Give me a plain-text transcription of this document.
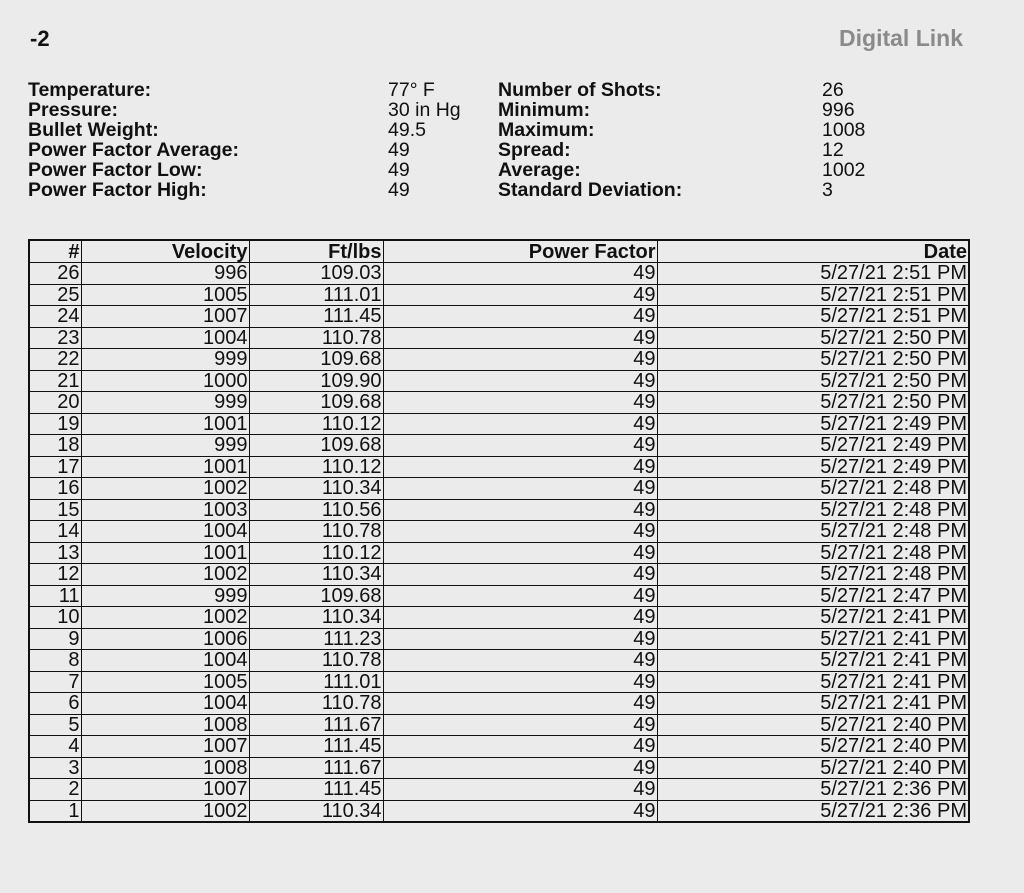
-2	Digital Link
Temperature:	77° F
Pressure:	30 in Hg
Bullet Weight:	49.5
Power Factor Average:	49
Power Factor Low:	49
Power Factor High:	49
Number of Shots:	26
Minimum:	996
Maximum:	1008
Spread:	12
Average:	1002
Standard Deviation:	3
#	Velocity	Ft/lbs	Power Factor	Date
26	996	109.03	49	5/27/21 2:51 PM
25	1005	111.01	49	5/27/21 2:51 PM
24	1007	111.45	49	5/27/21 2:51 PM
23	1004	110.78	49	5/27/21 2:50 PM
22	999	109.68	49	5/27/21 2:50 PM
21	1000	109.90	49	5/27/21 2:50 PM
20	999	109.68	49	5/27/21 2:50 PM
19	1001	110.12	49	5/27/21 2:49 PM
18	999	109.68	49	5/27/21 2:49 PM
17	1001	110.12	49	5/27/21 2:49 PM
16	1002	110.34	49	5/27/21 2:48 PM
15	1003	110.56	49	5/27/21 2:48 PM
14	1004	110.78	49	5/27/21 2:48 PM
13	1001	110.12	49	5/27/21 2:48 PM
12	1002	110.34	49	5/27/21 2:48 PM
11	999	109.68	49	5/27/21 2:47 PM
10	1002	110.34	49	5/27/21 2:41 PM
9	1006	111.23	49	5/27/21 2:41 PM
8	1004	110.78	49	5/27/21 2:41 PM
7	1005	111.01	49	5/27/21 2:41 PM
6	1004	110.78	49	5/27/21 2:41 PM
5	1008	111.67	49	5/27/21 2:40 PM
4	1007	111.45	49	5/27/21 2:40 PM
3	1008	111.67	49	5/27/21 2:40 PM
2	1007	111.45	49	5/27/21 2:36 PM
1	1002	110.34	49	5/27/21 2:36 PM
